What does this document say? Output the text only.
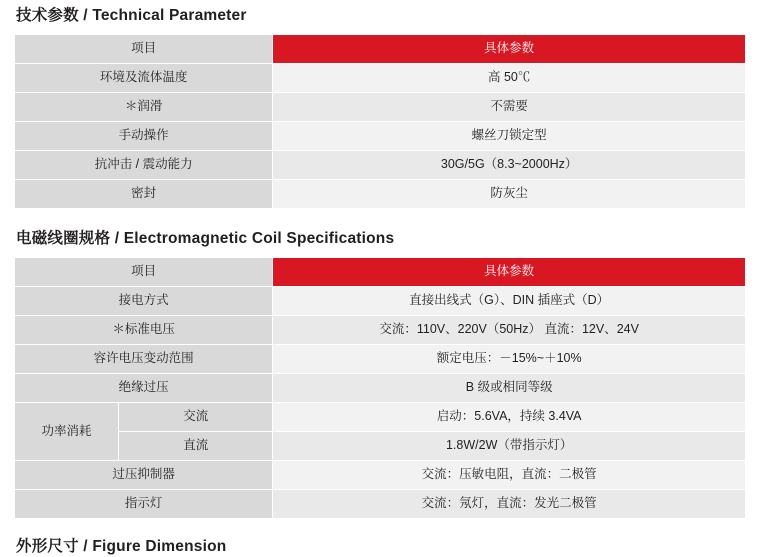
技术参数 / Technical Parameter
项目	具体参数
环境及流体温度	高 50℃
＊润滑	不需要
手动操作	螺丝刀锁定型
抗冲击 / 震动能力	30G/5G（8.3~2000Hz）
密封	防灰尘
电磁线圈规格 / Electromagnetic Coil Specifications
项目		具体参数
接电方式		直接出线式（G）、DIN 插座式（D）
＊标准电压		交流：110V、220V（50Hz） 直流：12V、24V
容许电压变动范围		额定电压：－15%~＋10%
绝缘过压		B 级或相同等级
功率消耗	交流	启动：5.6VA，持续 3.4VA
	直流	1.8W/2W（带指示灯）
过压抑制器		交流：压敏电阻，直流：二极管
指示灯		交流：氖灯，直流：发光二极管
外形尺寸 / Figure Dimension
